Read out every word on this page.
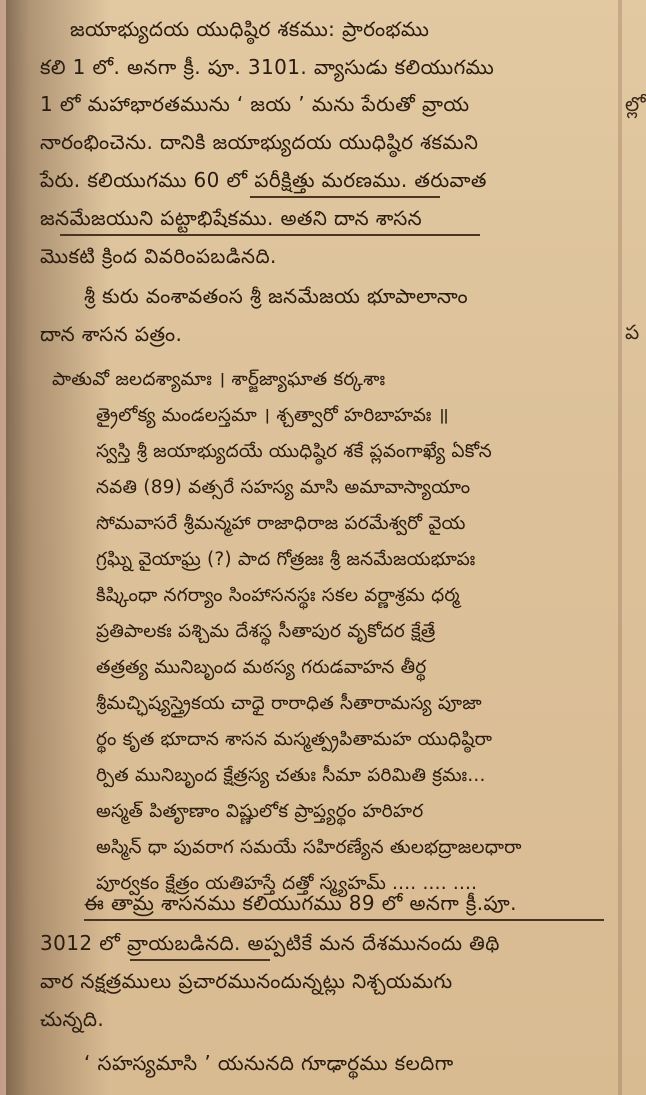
జయాభ్యుదయ యుధిష్ఠిర శకము: ప్రారంభము
కలి 1 లో. అనగా క్రీ. పూ. 3101. వ్యాసుడు కలియుగము
1 లో మహాభారతమును ‘ జయ ’ మను పేరుతో వ్రాయ
నారంభించెను. దానికి జయాభ్యుదయ యుధిష్ఠిర శకమని
పేరు. కలియుగము 60 లో పరీక్షిత్తు మరణము. తరువాత
జనమేజయుని పట్టాభిషేకము. అతని దాన శాసన
మొకటి క్రింద వివరింపబడినది.
శ్రీ కురు వంశావతంస శ్రీ జనమేజయ భూపాలానాం
దాన శాసన పత్రం.
పాతువో జలదశ్యామాః । శార్జ్‌జ్యాఘాత కర్కశాః
త్రైలోక్య మండలస్తమా । శ్చత్వారో హరిబాహవః ॥
స్వస్తి శ్రీ జయాభ్యుదయే యుధిష్ఠిర శకే ప్లవంగాఖ్యే ఏకోన
నవతి (89) వత్సరే సహస్య మాసి అమావాస్యాయాం
సోమవాసరే శ్రీమన్మహా రాజాధిరాజ పరమేశ్వరో వైయ
గ్రఘ్ని వైయాఘ్ర (?) పాద గోత్రజః శ్రీ జనమేజయభూపః
కిష్కింధా నగర్యాం సింహాసనస్థః సకల వర్ణాశ్రమ ధర్మ
ప్రతిపాలకః పశ్చిమ దేశస్థ సీతాపుర వృకోదర క్షేత్రే
తత్రత్య మునిబృంద మఠస్య గరుడవాహన తీర్థ
శ్రీమచ్ఛిష్యస్త్రైకయ చాధై రారాధిత సీతారామస్య పూజా
ర్థం కృత భూదాన శాసన మస్మత్ప్రపితామహ యుధిష్ఠిరా
ర్పిత మునిబృంద క్షేత్రస్య చతుః సీమా పరిమితి క్రమః...
అస్మత్ పితౄణాం విష్ణులోక ప్రాప్త్యర్థం హరిహర
అస్మిన్ ధా పువరాగ సమయే సహిరణ్యేన తులభద్రాజలధారా
పూర్వకం క్షేత్రం యతిహస్తే దత్తో స్మ్యహమ్ .... .... ....
ఈ తామ్ర శాసనము కలియుగము 89 లో అనగా క్రీ.పూ.
3012 లో వ్రాయబడినది. అప్పటికే మన దేశమునందు తిథి
వార నక్షత్రములు ప్రచారమునందున్నట్లు నిశ్చయమగు
చున్నది.
‘ సహస్యమాసి ’ యనునది గూఢార్థము కలదిగా
ల్లో
ప
